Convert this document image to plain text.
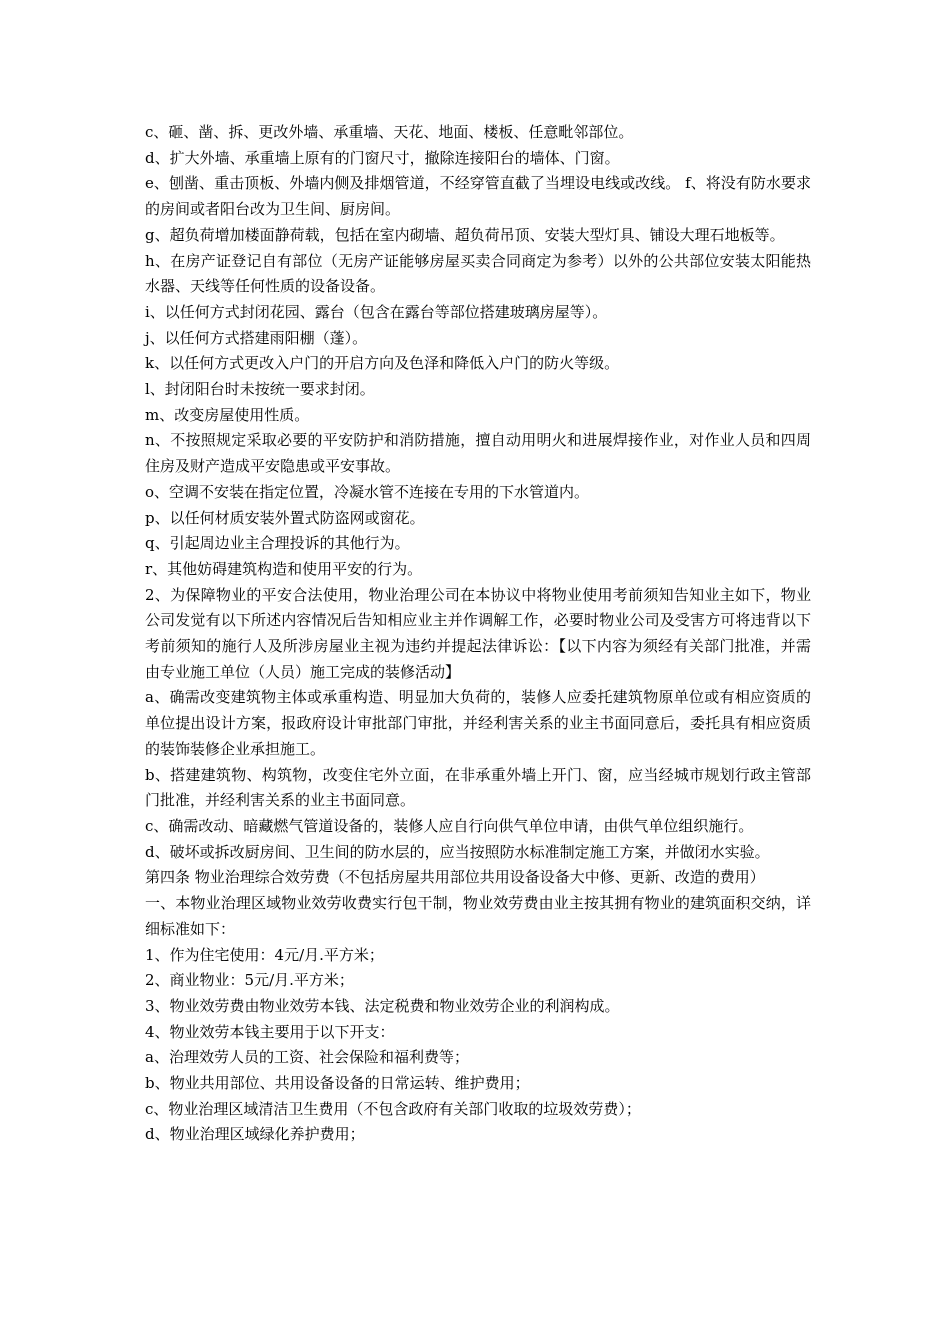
c、砸、凿、拆、更改外墙、承重墙、天花、地面、楼板、任意毗邻部位。

d、扩大外墙、承重墙上原有的门窗尺寸，撤除连接阳台的墙体、门窗。

e、刨凿、重击顶板、外墙内侧及排烟管道，不经穿管直截了当埋设电线或改线。 f、将没有防水要求的房间或者阳台改为卫生间、厨房间。

g、超负荷增加楼面静荷载，包括在室内砌墙、超负荷吊顶、安装大型灯具、铺设大理石地板等。

h、在房产证登记自有部位（无房产证能够房屋买卖合同商定为参考）以外的公共部位安装太阳能热水器、天线等任何性质的设备设备。

i、以任何方式封闭花园、露台（包含在露台等部位搭建玻璃房屋等）。

j、以任何方式搭建雨阳棚（蓬）。

k、以任何方式更改入户门的开启方向及色泽和降低入户门的防火等级。

l、封闭阳台时未按统一要求封闭。

m、改变房屋使用性质。

n、不按照规定采取必要的平安防护和消防措施，擅自动用明火和进展焊接作业，对作业人员和四周住房及财产造成平安隐患或平安事故。

o、空调不安装在指定位置，冷凝水管不连接在专用的下水管道内。

p、以任何材质安装外置式防盗网或窗花。

q、引起周边业主合理投诉的其他行为。

r、其他妨碍建筑构造和使用平安的行为。

2、为保障物业的平安合法使用，物业治理公司在本协议中将物业使用考前须知告知业主如下，物业公司发觉有以下所述内容情况后告知相应业主并作调解工作，必要时物业公司及受害方可将违背以下考前须知的施行人及所涉房屋业主视为违约并提起法律诉讼：【以下内容为须经有关部门批准，并需由专业施工单位（人员）施工完成的装修活动】

a、确需改变建筑物主体或承重构造、明显加大负荷的，装修人应委托建筑物原单位或有相应资质的单位提出设计方案，报政府设计审批部门审批，并经利害关系的业主书面同意后，委托具有相应资质的装饰装修企业承担施工。

b、搭建建筑物、构筑物，改变住宅外立面，在非承重外墙上开门、窗，应当经城市规划行政主管部门批准，并经利害关系的业主书面同意。

c、确需改动、暗藏燃气管道设备的，装修人应自行向供气单位申请，由供气单位组织施行。

d、破坏或拆改厨房间、卫生间的防水层的，应当按照防水标准制定施工方案，并做闭水实验。

第四条 物业治理综合效劳费（不包括房屋共用部位共用设备设备大中修、更新、改造的费用）

一、本物业治理区域物业效劳收费实行包干制，物业效劳费由业主按其拥有物业的建筑面积交纳，详细标准如下：

1、作为住宅使用：4元/月.平方米；

2、商业物业：5元/月.平方米；

3、物业效劳费由物业效劳本钱、法定税费和物业效劳企业的利润构成。

4、物业效劳本钱主要用于以下开支：

a、治理效劳人员的工资、社会保险和福利费等；

b、物业共用部位、共用设备设备的日常运转、维护费用；

c、物业治理区域清洁卫生费用（不包含政府有关部门收取的垃圾效劳费）；

d、物业治理区域绿化养护费用；
